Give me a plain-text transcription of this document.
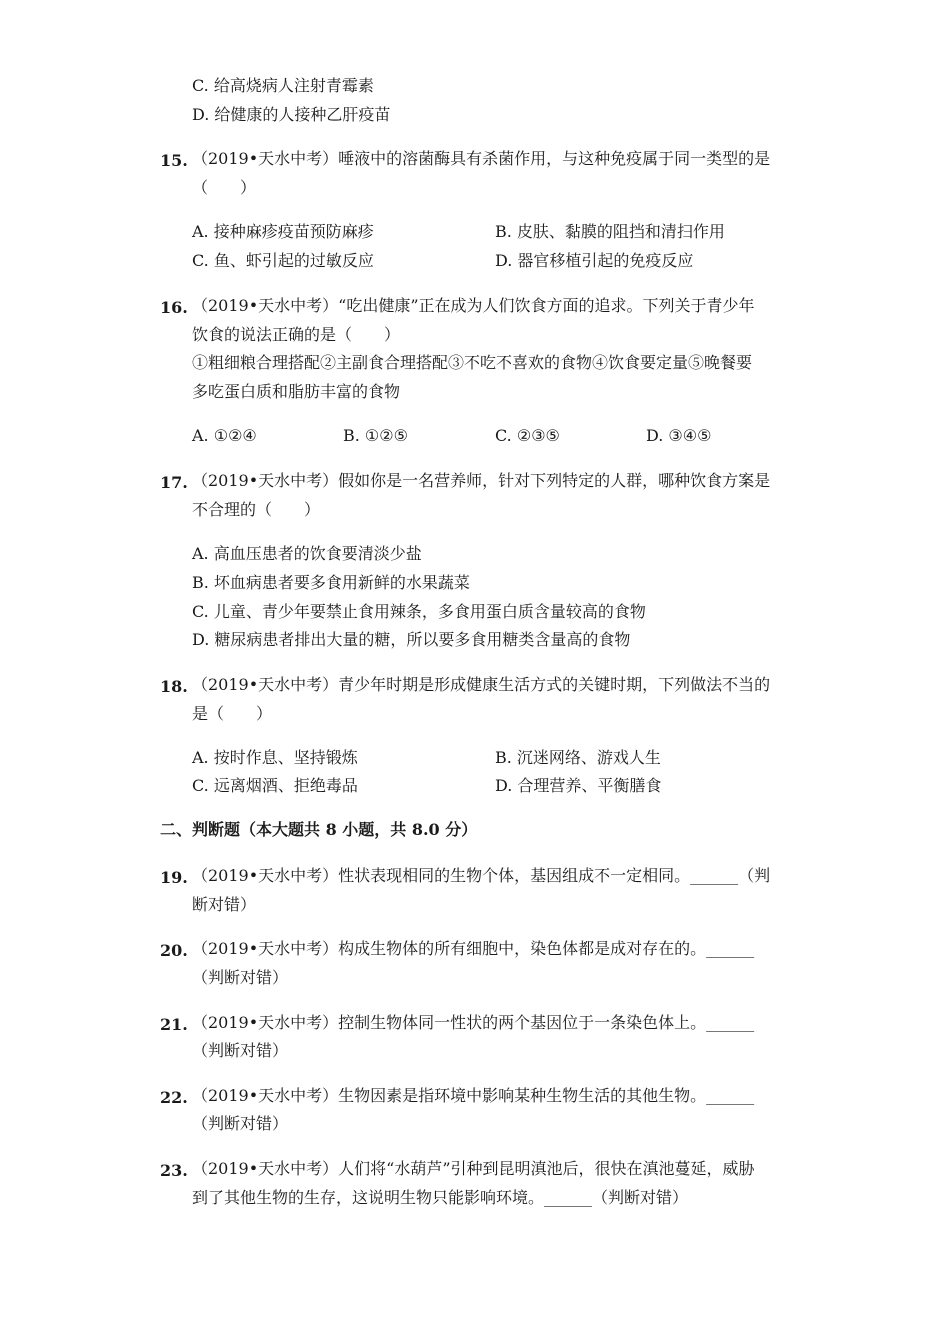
C. 给高烧病人注射青霉素
D. 给健康的人接种乙肝疫苗
15. （2019•天水中考）唾液中的溶菌酶具有杀菌作用，与这种免疫属于同一类型的是
（　　）
A. 接种麻疹疫苗预防麻疹	B. 皮肤、黏膜的阻挡和清扫作用
C. 鱼、虾引起的过敏反应	D. 器官移植引起的免疫反应
16. （2019•天水中考）“吃出健康”正在成为人们饮食方面的追求。下列关于青少年
饮食的说法正确的是（　　）
①粗细粮合理搭配②主副食合理搭配③不吃不喜欢的食物④饮食要定量⑤晚餐要
多吃蛋白质和脂肪丰富的食物
A. ①②④	B. ①②⑤	C. ②③⑤	D. ③④⑤
17. （2019•天水中考）假如你是一名营养师，针对下列特定的人群，哪种饮食方案是
不合理的（　　）
A. 高血压患者的饮食要清淡少盐
B. 坏血病患者要多食用新鲜的水果蔬菜
C. 儿童、青少年要禁止食用辣条，多食用蛋白质含量较高的食物
D. 糖尿病患者排出大量的糖，所以要多食用糖类含量高的食物
18. （2019•天水中考）青少年时期是形成健康生活方式的关键时期，下列做法不当的
是（　　）
A. 按时作息、坚持锻炼	B. 沉迷网络、游戏人生
C. 远离烟酒、拒绝毒品	D. 合理营养、平衡膳食
二、判断题（本大题共 8 小题，共 8.0 分）
19. （2019•天水中考）性状表现相同的生物个体，基因组成不一定相同。______（判
断对错）
20. （2019•天水中考）构成生物体的所有细胞中，染色体都是成对存在的。______
（判断对错）
21. （2019•天水中考）控制生物体同一性状的两个基因位于一条染色体上。______
（判断对错）
22. （2019•天水中考）生物因素是指环境中影响某种生物生活的其他生物。______
（判断对错）
23. （2019•天水中考）人们将“水葫芦”引种到昆明滇池后，很快在滇池蔓延，威胁
到了其他生物的生存，这说明生物只能影响环境。______（判断对错）
